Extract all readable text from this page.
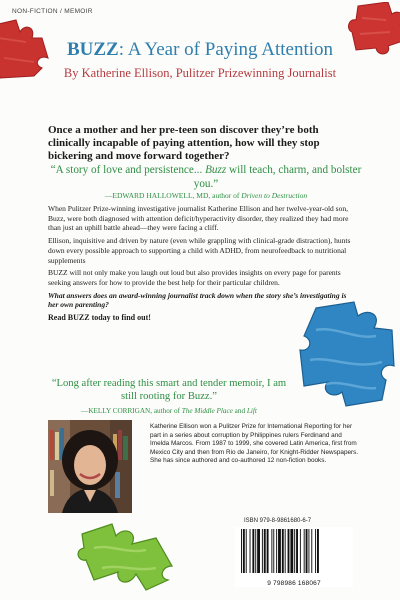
NON-FICTION / MEMOIR
BUZZ: A Year of Paying Attention
By Katherine Ellison, Pulitzer Prizewinning Journalist
Once a mother and her pre-teen son discover they’re both clinically incapable of paying attention, how will they stop bickering and move forward together?
“A story of love and persistence... Buzz will teach, charm, and bolster you.”
—EDWARD HALLOWELL, MD, author of Driven to Destruction

When Pulitzer Prize-winning investigative journalist Katherine Ellison and her twelve-year-old son, Buzz, were both diagnosed with attention deficit/hyperactivity disorder, they realized they had more than just an uphill battle ahead—they were facing a cliff.

Ellison, inquisitive and driven by nature (even while grappling with clinical-grade distraction), hunts down every possible approach to supporting a child with ADHD, from neurofeedback to nutritional supplements

BUZZ will not only make you laugh out loud but also provides insights on every page for parents seeking answers for how to provide the best help for their particular children.

What answers does an award-winning journalist track down when the story she’s investigating is her own parenting?

Read BUZZ today to find out!

“Long after reading this smart and tender memoir, I am still rooting for Buzz.”
—KELLY CORRIGAN, author of The Middle Place and Lift
Katherine Ellison won a Pulitzer Prize for International Reporting for her part in a series about corruption by Philippines rulers Ferdinand and Imelda Marcos. From 1987 to 1999, she covered Latin America, first from Mexico City and then from Rio de Janeiro, for Knight-Ridder Newspapers. She has since authored and co-authored 12 non-fiction books.
ISBN 979-8-9861680-6-7
9 798986 168067
